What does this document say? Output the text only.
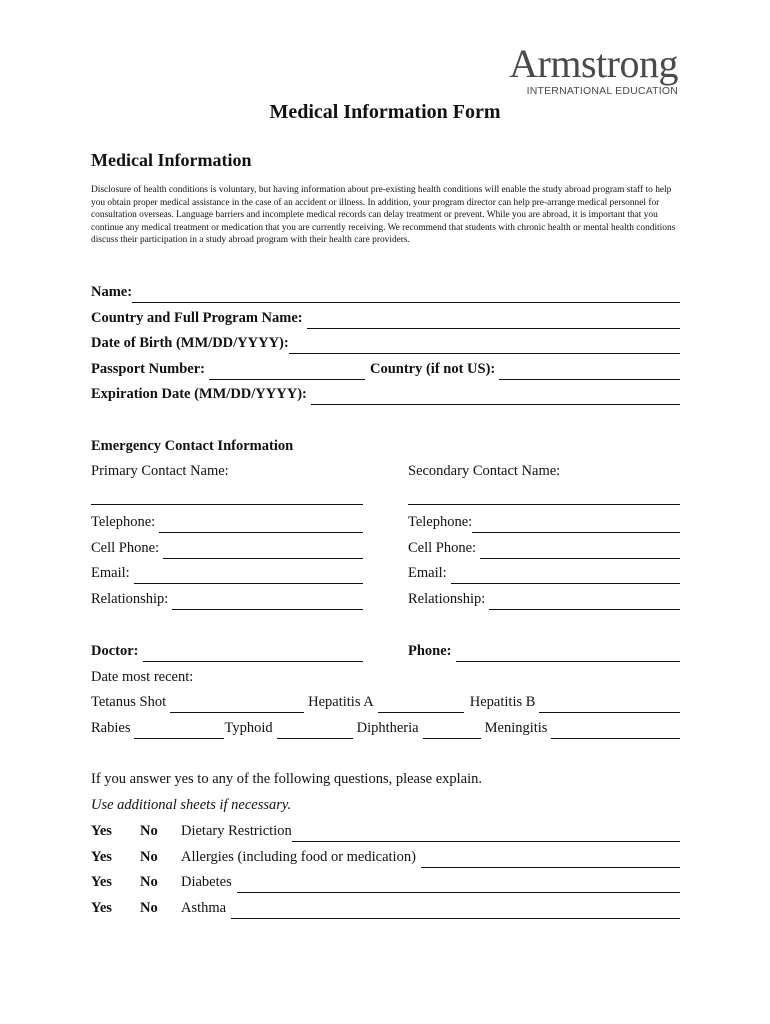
Armstrong
INTERNATIONAL EDUCATION
Medical Information Form
Medical Information
Disclosure of health conditions is voluntary, but having information about pre-existing health conditions will enable the study abroad program staff to help you obtain proper medical assistance in the case of an accident or illness. In addition, your program director can help pre-arrange medical personnel for consultation overseas. Language barriers and incomplete medical records can delay treatment or prevent. While you are abroad, it is important that you continue any medical treatment or medication that you are currently receiving. We recommend that students with chronic health or mental health conditions discuss their participation in a study abroad program with their health care providers.
Name:
Country and Full Program Name:
Date of Birth (MM/DD/YYYY):
Passport Number:	Country (if not US):
Expiration Date (MM/DD/YYYY):
Emergency Contact Information
Primary Contact Name:	Secondary Contact Name:
Telephone:	Telephone:
Cell Phone:	Cell Phone:
Email:	Email:
Relationship:	Relationship:
Doctor:	Phone:
Date most recent:
Tetanus Shot	Hepatitis A	Hepatitis B
Rabies	Typhoid	Diphtheria	Meningitis
If you answer yes to any of the following questions, please explain.
Use additional sheets if necessary.
Yes	No	Dietary Restriction
Yes	No	Allergies (including food or medication)
Yes	No	Diabetes
Yes	No	Asthma
